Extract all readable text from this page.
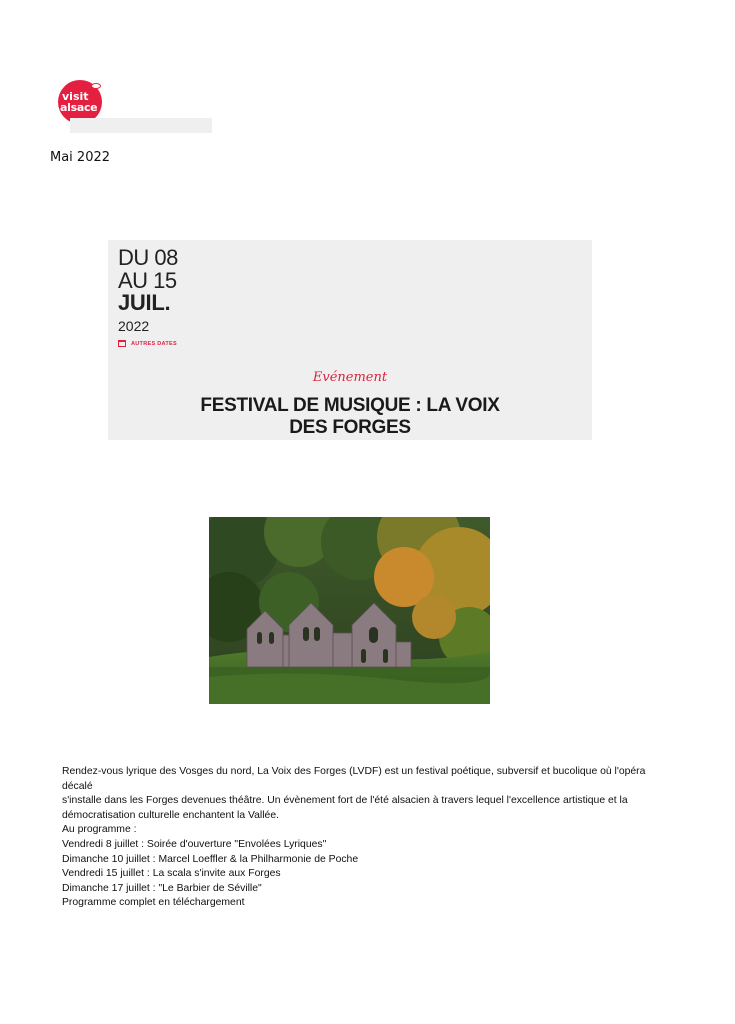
visit
alsace
Mai 2022
DU 08
AU 15
JUIL.
2022
AUTRES DATES
Evénement
FESTIVAL DE MUSIQUE : LA VOIX
DES FORGES

Rendez-vous lyrique des Vosges du nord, La Voix des Forges (LVDF) est un festival poétique, subversif et bucolique où l'opéra décalé

s'installe dans les Forges devenues théâtre. Un évènement fort de l'été alsacien à travers lequel l'excellence artistique et la

démocratisation culturelle enchantent la Vallée.

Au programme :

Vendredi 8 juillet : Soirée d'ouverture "Envolées Lyriques"

Dimanche 10 juillet : Marcel Loeffler & la Philharmonie de Poche

Vendredi 15 juillet : La scala s'invite aux Forges

Dimanche 17 juillet : "Le Barbier de Séville"

Programme complet en téléchargement
